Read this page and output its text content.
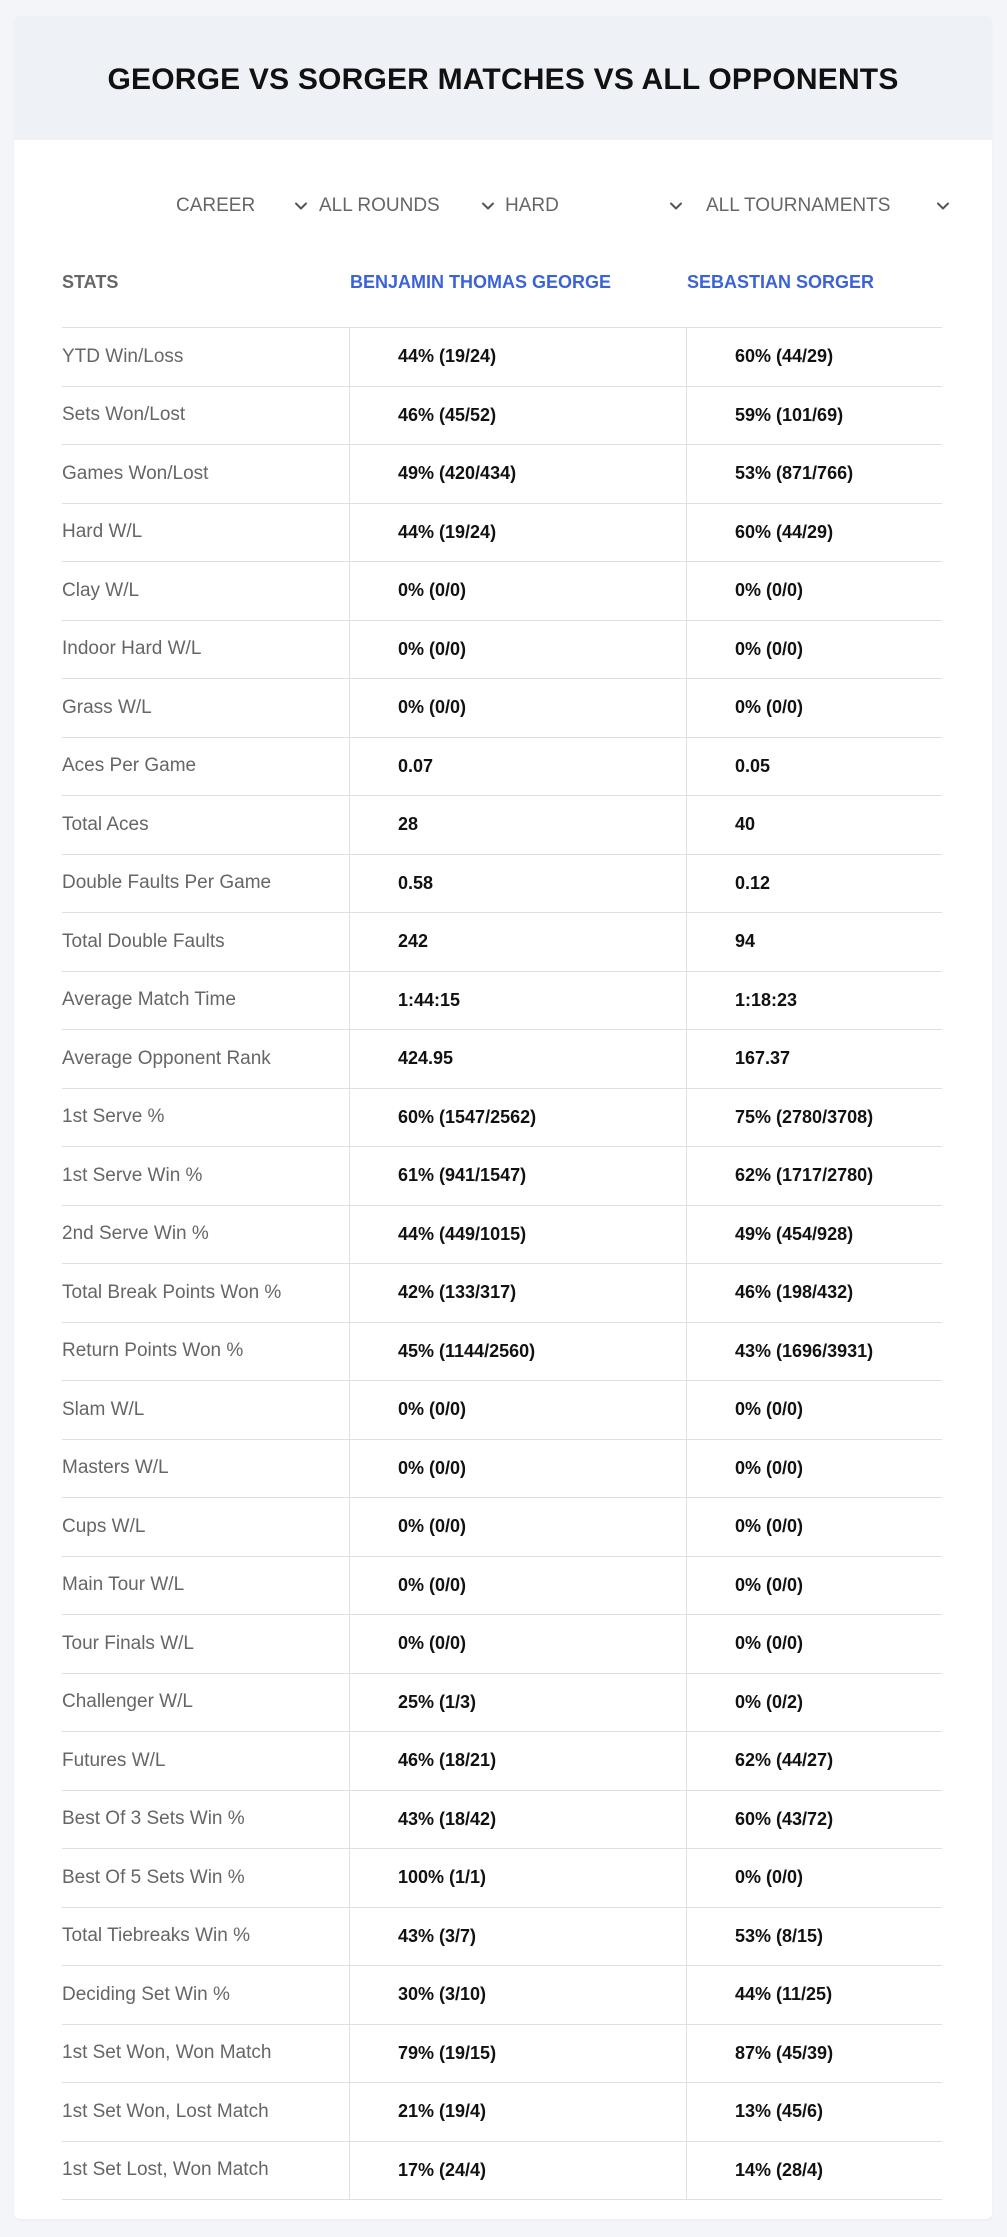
GEORGE VS SORGER MATCHES VS ALL OPPONENTS
CAREER	ALL ROUNDS	HARD	ALL TOURNAMENTS
STATS	BENJAMIN THOMAS GEORGE	SEBASTIAN SORGER
YTD Win/Loss	44% (19/24)	60% (44/29)
Sets Won/Lost	46% (45/52)	59% (101/69)
Games Won/Lost	49% (420/434)	53% (871/766)
Hard W/L	44% (19/24)	60% (44/29)
Clay W/L	0% (0/0)	0% (0/0)
Indoor Hard W/L	0% (0/0)	0% (0/0)
Grass W/L	0% (0/0)	0% (0/0)
Aces Per Game	0.07	0.05
Total Aces	28	40
Double Faults Per Game	0.58	0.12
Total Double Faults	242	94
Average Match Time	1:44:15	1:18:23
Average Opponent Rank	424.95	167.37
1st Serve %	60% (1547/2562)	75% (2780/3708)
1st Serve Win %	61% (941/1547)	62% (1717/2780)
2nd Serve Win %	44% (449/1015)	49% (454/928)
Total Break Points Won %	42% (133/317)	46% (198/432)
Return Points Won %	45% (1144/2560)	43% (1696/3931)
Slam W/L	0% (0/0)	0% (0/0)
Masters W/L	0% (0/0)	0% (0/0)
Cups W/L	0% (0/0)	0% (0/0)
Main Tour W/L	0% (0/0)	0% (0/0)
Tour Finals W/L	0% (0/0)	0% (0/0)
Challenger W/L	25% (1/3)	0% (0/2)
Futures W/L	46% (18/21)	62% (44/27)
Best Of 3 Sets Win %	43% (18/42)	60% (43/72)
Best Of 5 Sets Win %	100% (1/1)	0% (0/0)
Total Tiebreaks Win %	43% (3/7)	53% (8/15)
Deciding Set Win %	30% (3/10)	44% (11/25)
1st Set Won, Won Match	79% (19/15)	87% (45/39)
1st Set Won, Lost Match	21% (19/4)	13% (45/6)
1st Set Lost, Won Match	17% (24/4)	14% (28/4)
